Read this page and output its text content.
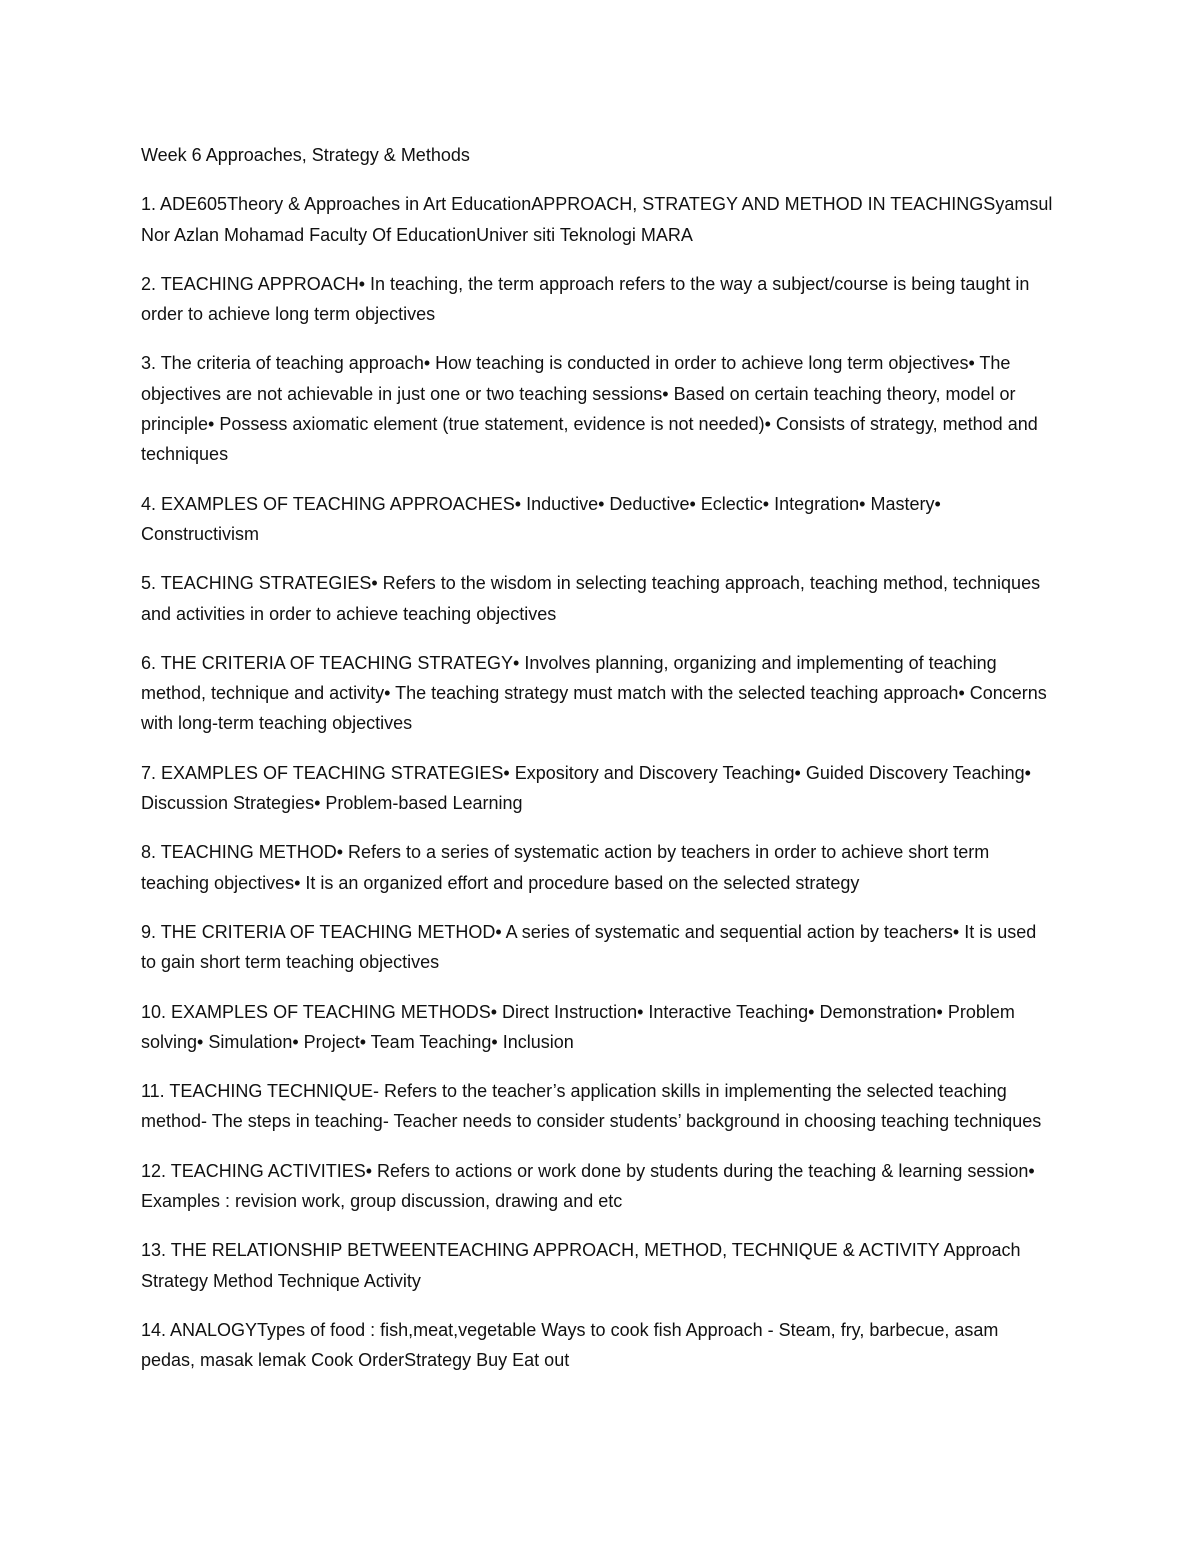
Week 6 Approaches, Strategy & Methods

1. ADE605Theory & Approaches in Art EducationAPPROACH, STRATEGY AND METHOD IN TEACHINGSyamsul Nor Azlan Mohamad Faculty Of EducationUniver siti Teknologi MARA

2. TEACHING APPROACH• In teaching, the term approach refers to the way a subject/course is being taught in order to achieve long term objectives

3. The criteria of teaching approach• How teaching is conducted in order to achieve long term objectives• The objectives are not achievable in just one or two teaching sessions• Based on certain teaching theory, model or principle• Possess axiomatic element (true statement, evidence is not needed)• Consists of strategy, method and techniques

4. EXAMPLES OF TEACHING APPROACHES• Inductive• Deductive• Eclectic• Integration• Mastery• Constructivism

5. TEACHING STRATEGIES• Refers to the wisdom in selecting teaching approach, teaching method, techniques and activities in order to achieve teaching objectives

6. THE CRITERIA OF TEACHING STRATEGY• Involves planning, organizing and implementing of teaching method, technique and activity• The teaching strategy must match with the selected teaching approach• Concerns with long-term teaching objectives

7. EXAMPLES OF TEACHING STRATEGIES• Expository and Discovery Teaching• Guided Discovery Teaching• Discussion Strategies• Problem-based Learning

8. TEACHING METHOD• Refers to a series of systematic action by teachers in order to achieve short term teaching objectives• It is an organized effort and procedure based on the selected strategy

9. THE CRITERIA OF TEACHING METHOD• A series of systematic and sequential action by teachers• It is used to gain short term teaching objectives

10. EXAMPLES OF TEACHING METHODS• Direct Instruction• Interactive Teaching• Demonstration• Problem solving• Simulation• Project• Team Teaching• Inclusion

11. TEACHING TECHNIQUE- Refers to the teacher’s application skills in implementing the selected teaching method- The steps in teaching- Teacher needs to consider students’ background in choosing teaching techniques

12. TEACHING ACTIVITIES• Refers to actions or work done by students during the teaching & learning session• Examples : revision work, group discussion, drawing and etc

13. THE RELATIONSHIP BETWEENTEACHING APPROACH, METHOD, TECHNIQUE & ACTIVITY Approach Strategy Method Technique Activity

14. ANALOGYTypes of food : fish,meat,vegetable Ways to cook fish Approach - Steam, fry, barbecue, asam pedas, masak lemak Cook OrderStrategy Buy Eat out
